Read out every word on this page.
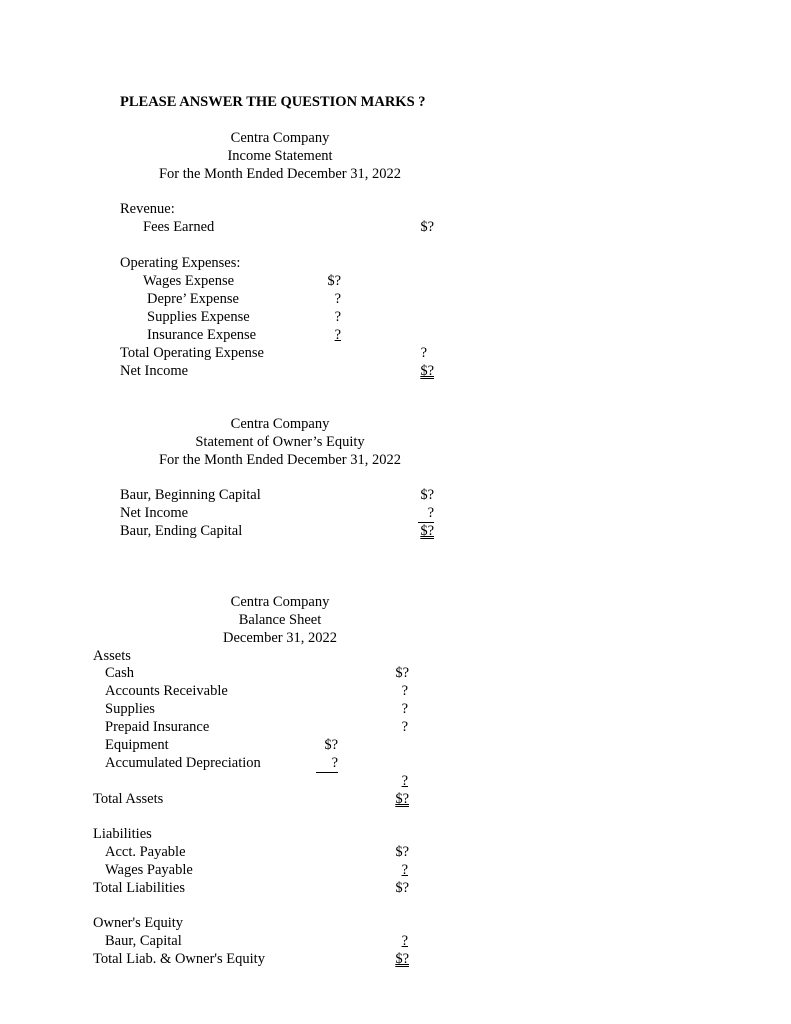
PLEASE ANSWER THE QUESTION MARKS ?
Centra Company
Income Statement
For the Month Ended December 31, 2022
Revenue:
Fees Earned	$?
Operating Expenses:
Wages Expense	$?
Depre’ Expense	?
Supplies Expense	?
Insurance Expense	?
Total Operating Expense	?
Net Income	$?
Centra Company
Statement of Owner’s Equity
For the Month Ended December 31, 2022
Baur, Beginning Capital	$?
Net Income	?
Baur, Ending Capital	$?
Centra Company
Balance Sheet
December 31, 2022
Assets
Cash	$?
Accounts Receivable	?
Supplies	?
Prepaid Insurance	?
Equipment	$?
Accumulated Depreciation	?
?
Total Assets	$?
Liabilities
Acct. Payable	$?
Wages Payable	?
Total Liabilities	$?
Owner's Equity
Baur, Capital	?
Total Liab. & Owner's Equity	$?
